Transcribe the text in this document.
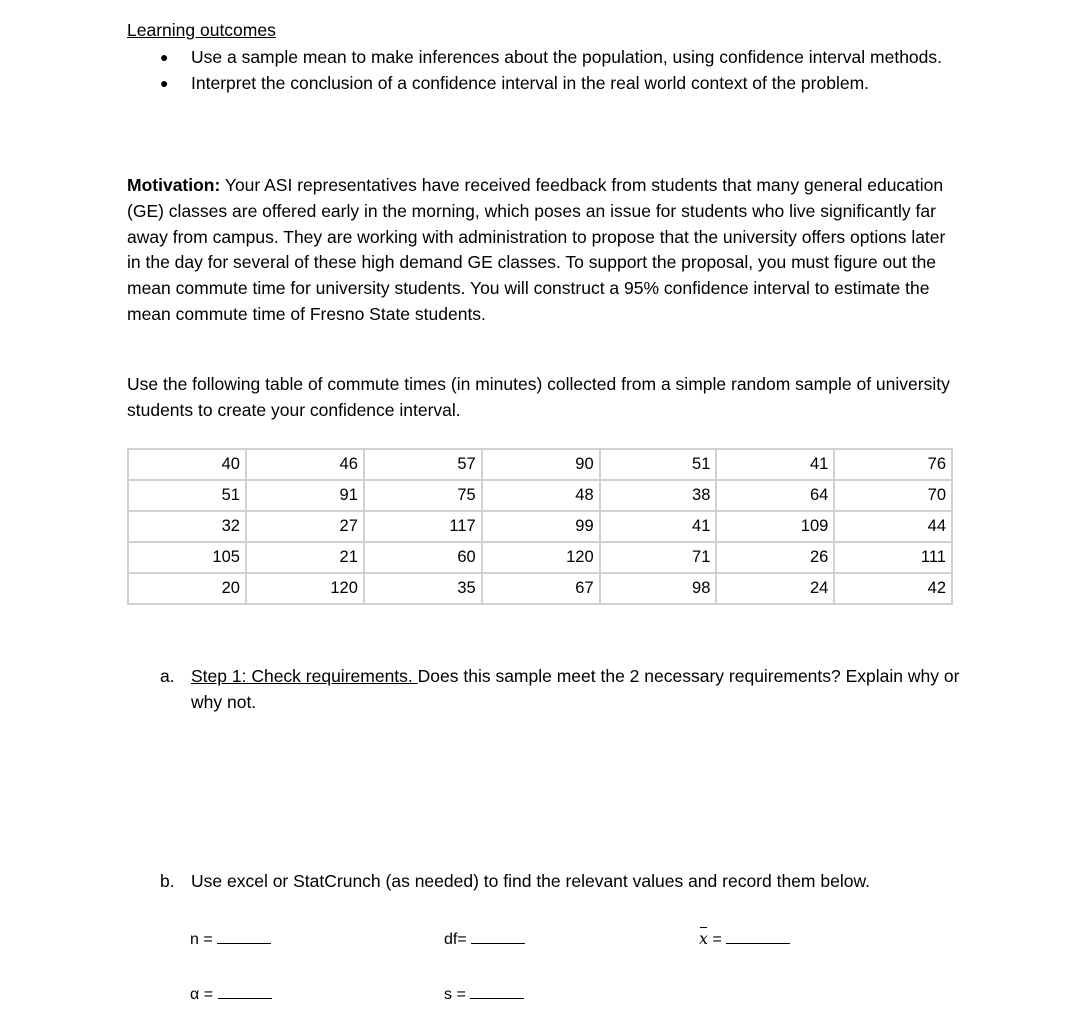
Learning outcomes
●	Use a sample mean to make inferences about the population, using confidence interval methods.
●	Interpret the conclusion of a confidence interval in the real world context of the problem.
Motivation: Your ASI representatives have received feedback from students that many general education (GE) classes are offered early in the morning, which poses an issue for students who live significantly far away from campus. They are working with administration to propose that the university offers options later in the day for several of these high demand GE classes. To support the proposal, you must figure out the mean commute time for university students. You will construct a 95% confidence interval to estimate the mean commute time of Fresno State students.
Use the following table of commute times (in minutes) collected from a simple random sample of university students to create your confidence interval.
40	46	57	90	51	41	76
51	91	75	48	38	64	70
32	27	117	99	41	109	44
105	21	60	120	71	26	111
20	120	35	67	98	24	42
a. Step 1: Check requirements. Does this sample meet the 2 necessary requirements? Explain why or why not.
b. Use excel or StatCrunch (as needed) to find the relevant values and record them below.
n =	df=	x =
α =	s =
